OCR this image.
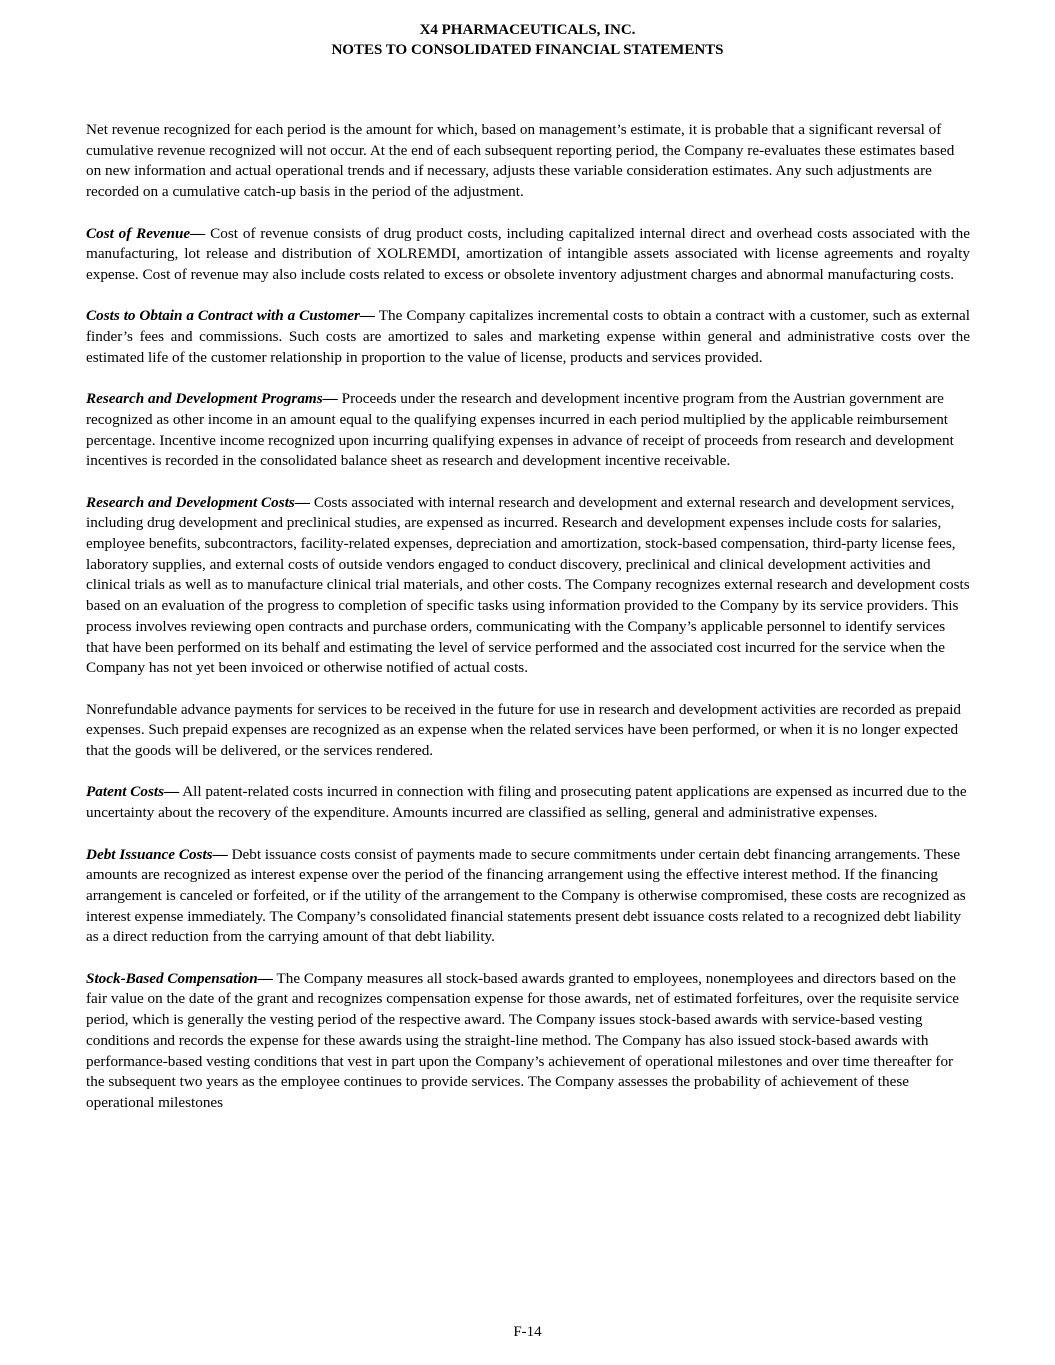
X4 PHARMACEUTICALS, INC.
NOTES TO CONSOLIDATED FINANCIAL STATEMENTS

Net revenue recognized for each period is the amount for which, based on management’s estimate, it is probable that a significant reversal of cumulative revenue recognized will not occur. At the end of each subsequent reporting period, the Company re-evaluates these estimates based on new information and actual operational trends and if necessary, adjusts these variable consideration estimates. Any such adjustments are recorded on a cumulative catch-up basis in the period of the adjustment.

Cost of Revenue— Cost of revenue consists of drug product costs, including capitalized internal direct and overhead costs associated with the manufacturing, lot release and distribution of XOLREMDI, amortization of intangible assets associated with license agreements and royalty expense. Cost of revenue may also include costs related to excess or obsolete inventory adjustment charges and abnormal manufacturing costs.

Costs to Obtain a Contract with a Customer— The Company capitalizes incremental costs to obtain a contract with a customer, such as external finder’s fees and commissions. Such costs are amortized to sales and marketing expense within general and administrative costs over the estimated life of the customer relationship in proportion to the value of license, products and services provided.

Research and Development Programs— Proceeds under the research and development incentive program from the Austrian government are recognized as other income in an amount equal to the qualifying expenses incurred in each period multiplied by the applicable reimbursement percentage. Incentive income recognized upon incurring qualifying expenses in advance of receipt of proceeds from research and development incentives is recorded in the consolidated balance sheet as research and development incentive receivable.

Research and Development Costs— Costs associated with internal research and development and external research and development services, including drug development and preclinical studies, are expensed as incurred. Research and development expenses include costs for salaries, employee benefits, subcontractors, facility-related expenses, depreciation and amortization, stock-based compensation, third-party license fees, laboratory supplies, and external costs of outside vendors engaged to conduct discovery, preclinical and clinical development activities and clinical trials as well as to manufacture clinical trial materials, and other costs. The Company recognizes external research and development costs based on an evaluation of the progress to completion of specific tasks using information provided to the Company by its service providers. This process involves reviewing open contracts and purchase orders, communicating with the Company’s applicable personnel to identify services that have been performed on its behalf and estimating the level of service performed and the associated cost incurred for the service when the Company has not yet been invoiced or otherwise notified of actual costs.

Nonrefundable advance payments for services to be received in the future for use in research and development activities are recorded as prepaid expenses. Such prepaid expenses are recognized as an expense when the related services have been performed, or when it is no longer expected that the goods will be delivered, or the services rendered.

Patent Costs— All patent-related costs incurred in connection with filing and prosecuting patent applications are expensed as incurred due to the uncertainty about the recovery of the expenditure. Amounts incurred are classified as selling, general and administrative expenses.

Debt Issuance Costs— Debt issuance costs consist of payments made to secure commitments under certain debt financing arrangements. These amounts are recognized as interest expense over the period of the financing arrangement using the effective interest method. If the financing arrangement is canceled or forfeited, or if the utility of the arrangement to the Company is otherwise compromised, these costs are recognized as interest expense immediately. The Company’s consolidated financial statements present debt issuance costs related to a recognized debt liability as a direct reduction from the carrying amount of that debt liability.

Stock-Based Compensation— The Company measures all stock-based awards granted to employees, nonemployees and directors based on the fair value on the date of the grant and recognizes compensation expense for those awards, net of estimated forfeitures, over the requisite service period, which is generally the vesting period of the respective award. The Company issues stock-based awards with service-based vesting conditions and records the expense for these awards using the straight-line method. The Company has also issued stock-based awards with performance-based vesting conditions that vest in part upon the Company’s achievement of operational milestones and over time thereafter for the subsequent two years as the employee continues to provide services. The Company assesses the probability of achievement of these operational milestones

F-14
